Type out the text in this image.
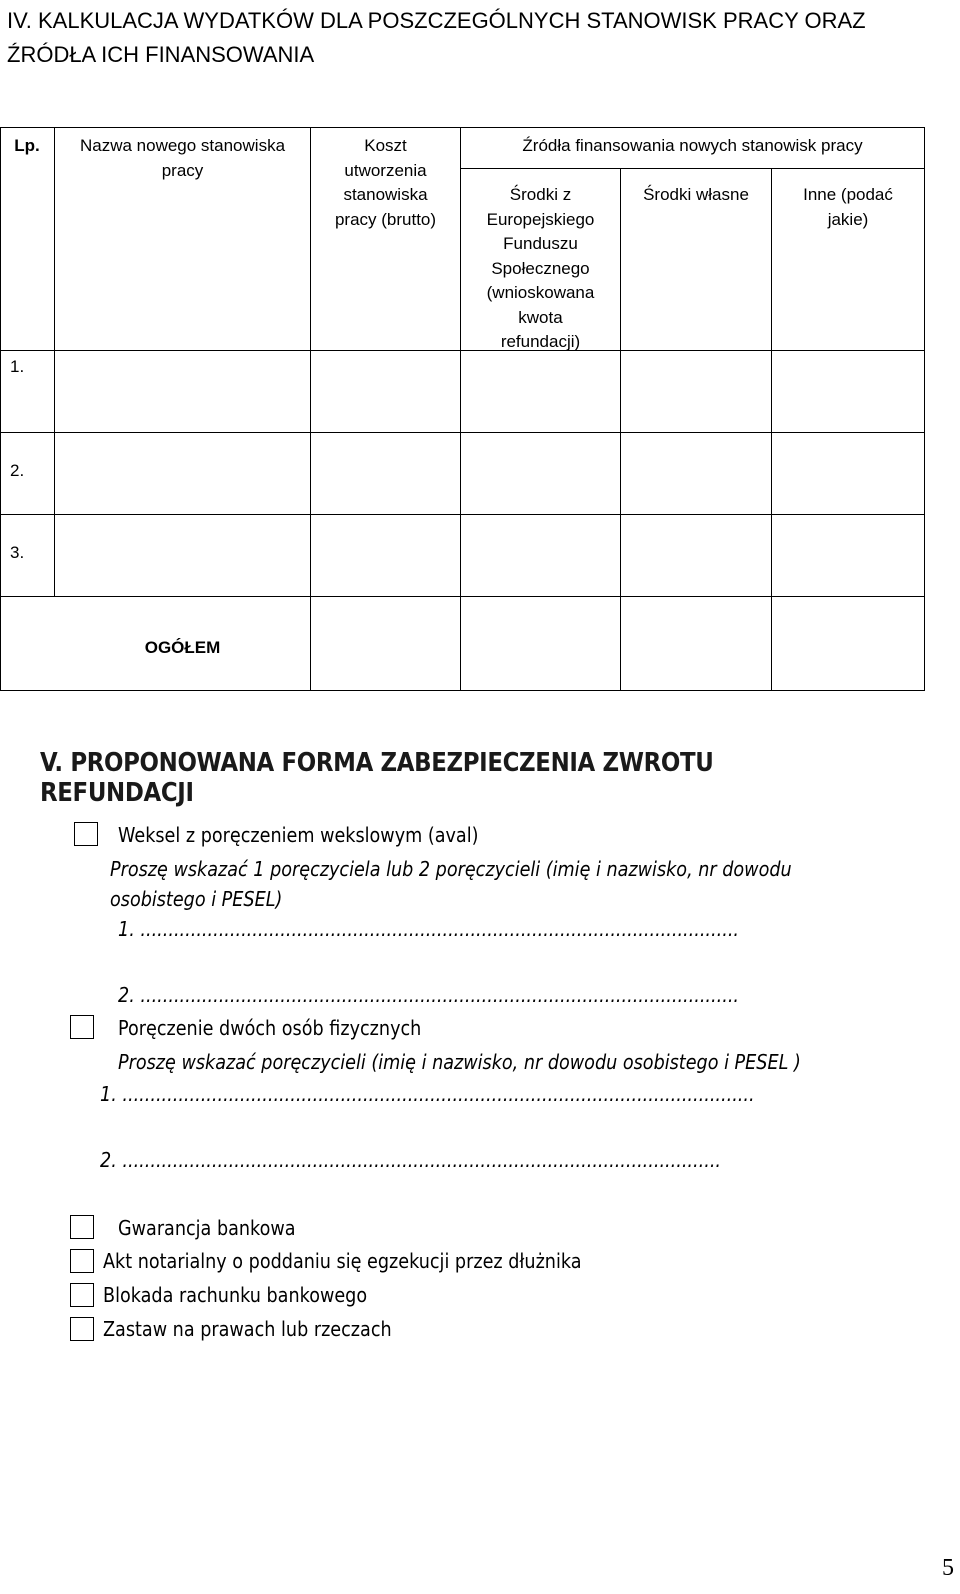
IV. KALKULACJA WYDATKÓW DLA POSZCZEGÓLNYCH STANOWISK PRACY ORAZ
ŹRÓDŁA ICH FINANSOWANIA
Lp.	Nazwa nowego stanowiska
pracy
Koszt
utworzenia
stanowiska
pracy (brutto)
Źródła finansowania nowych stanowisk pracy
Środki z
Europejskiego
Funduszu
Społecznego
(wnioskowana
kwota
refundacji)
Środki własne	Inne (podać
jakie)
1.
2.
3.
OGÓŁEM
V. PROPONOWANA FORMA ZABEZPIECZENIA ZWROTU REFUNDACJI
Weksel z poręczeniem wekslowym (aval)
Proszę wskazać 1 poręczyciela lub 2 poręczycieli (imię i nazwisko, nr dowodu
osobistego i PESEL)
1. ...........................................................................................................
2. ...........................................................................................................
Poręczenie dwóch osób fizycznych
Proszę wskazać poręczycieli (imię i nazwisko, nr dowodu osobistego i PESEL )
1. .................................................................................................................
2. ...........................................................................................................
Gwarancja bankowa
Akt notarialny o poddaniu się egzekucji przez dłużnika
Blokada rachunku bankowego
Zastaw na prawach lub rzeczach
5
